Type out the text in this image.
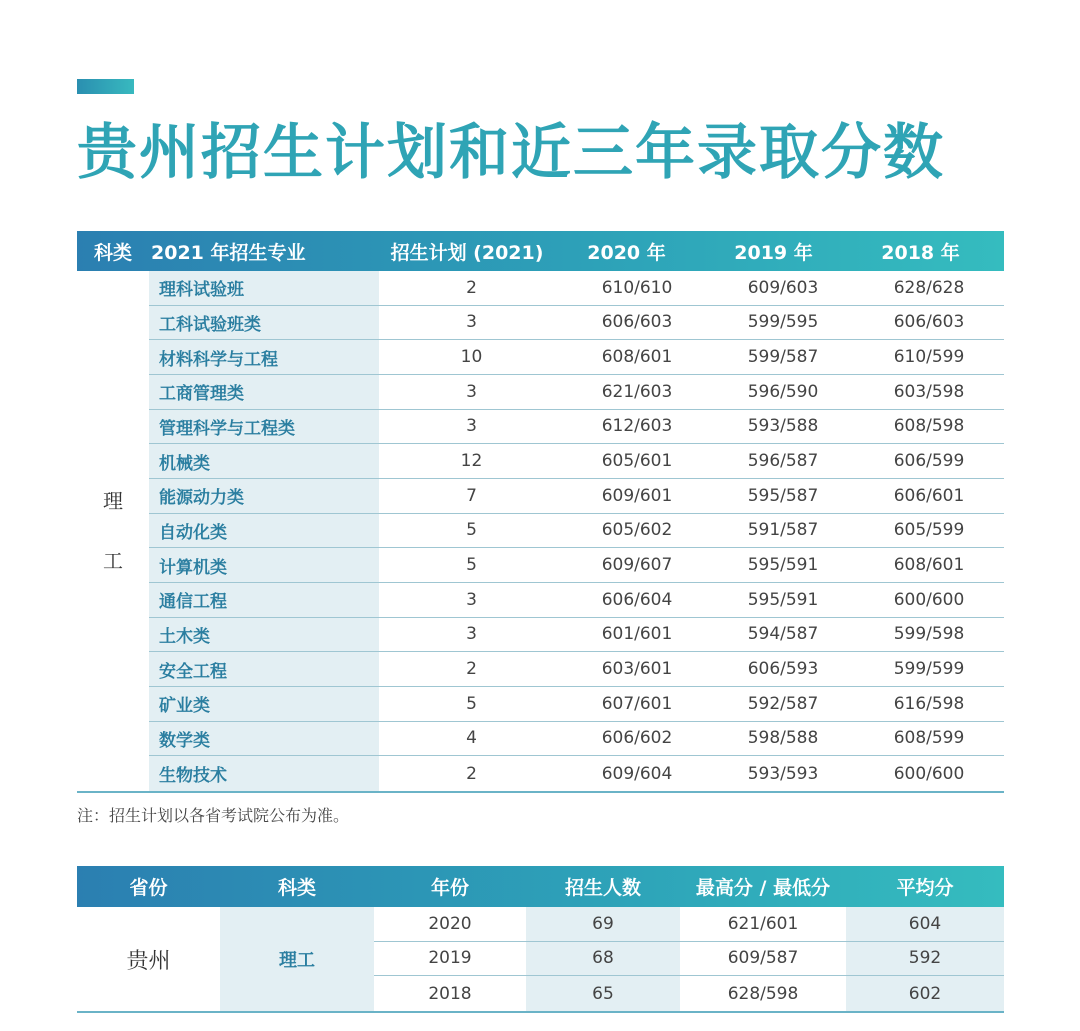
贵州招生计划和近三年录取分数
科类	2021 年招生专业	招生计划 (2021)	2020 年	2019 年	2018 年
理
工
理科试验班	2	610/610	609/603	628/628
工科试验班类	3	606/603	599/595	606/603
材料科学与工程	10	608/601	599/587	610/599
工商管理类	3	621/603	596/590	603/598
管理科学与工程类	3	612/603	593/588	608/598
机械类	12	605/601	596/587	606/599
能源动力类	7	609/601	595/587	606/601
自动化类	5	605/602	591/587	605/599
计算机类	5	609/607	595/591	608/601
通信工程	3	606/604	595/591	600/600
土木类	3	601/601	594/587	599/598
安全工程	2	603/601	606/593	599/599
矿业类	5	607/601	592/587	616/598
数学类	4	606/602	598/588	608/599
生物技术	2	609/604	593/593	600/600
注：招生计划以各省考试院公布为准。
省份	科类	年份	招生人数	最高分 / 最低分	平均分
贵州	理工
2020	69	621/601	604
2019	68	609/587	592
2018	65	628/598	602
